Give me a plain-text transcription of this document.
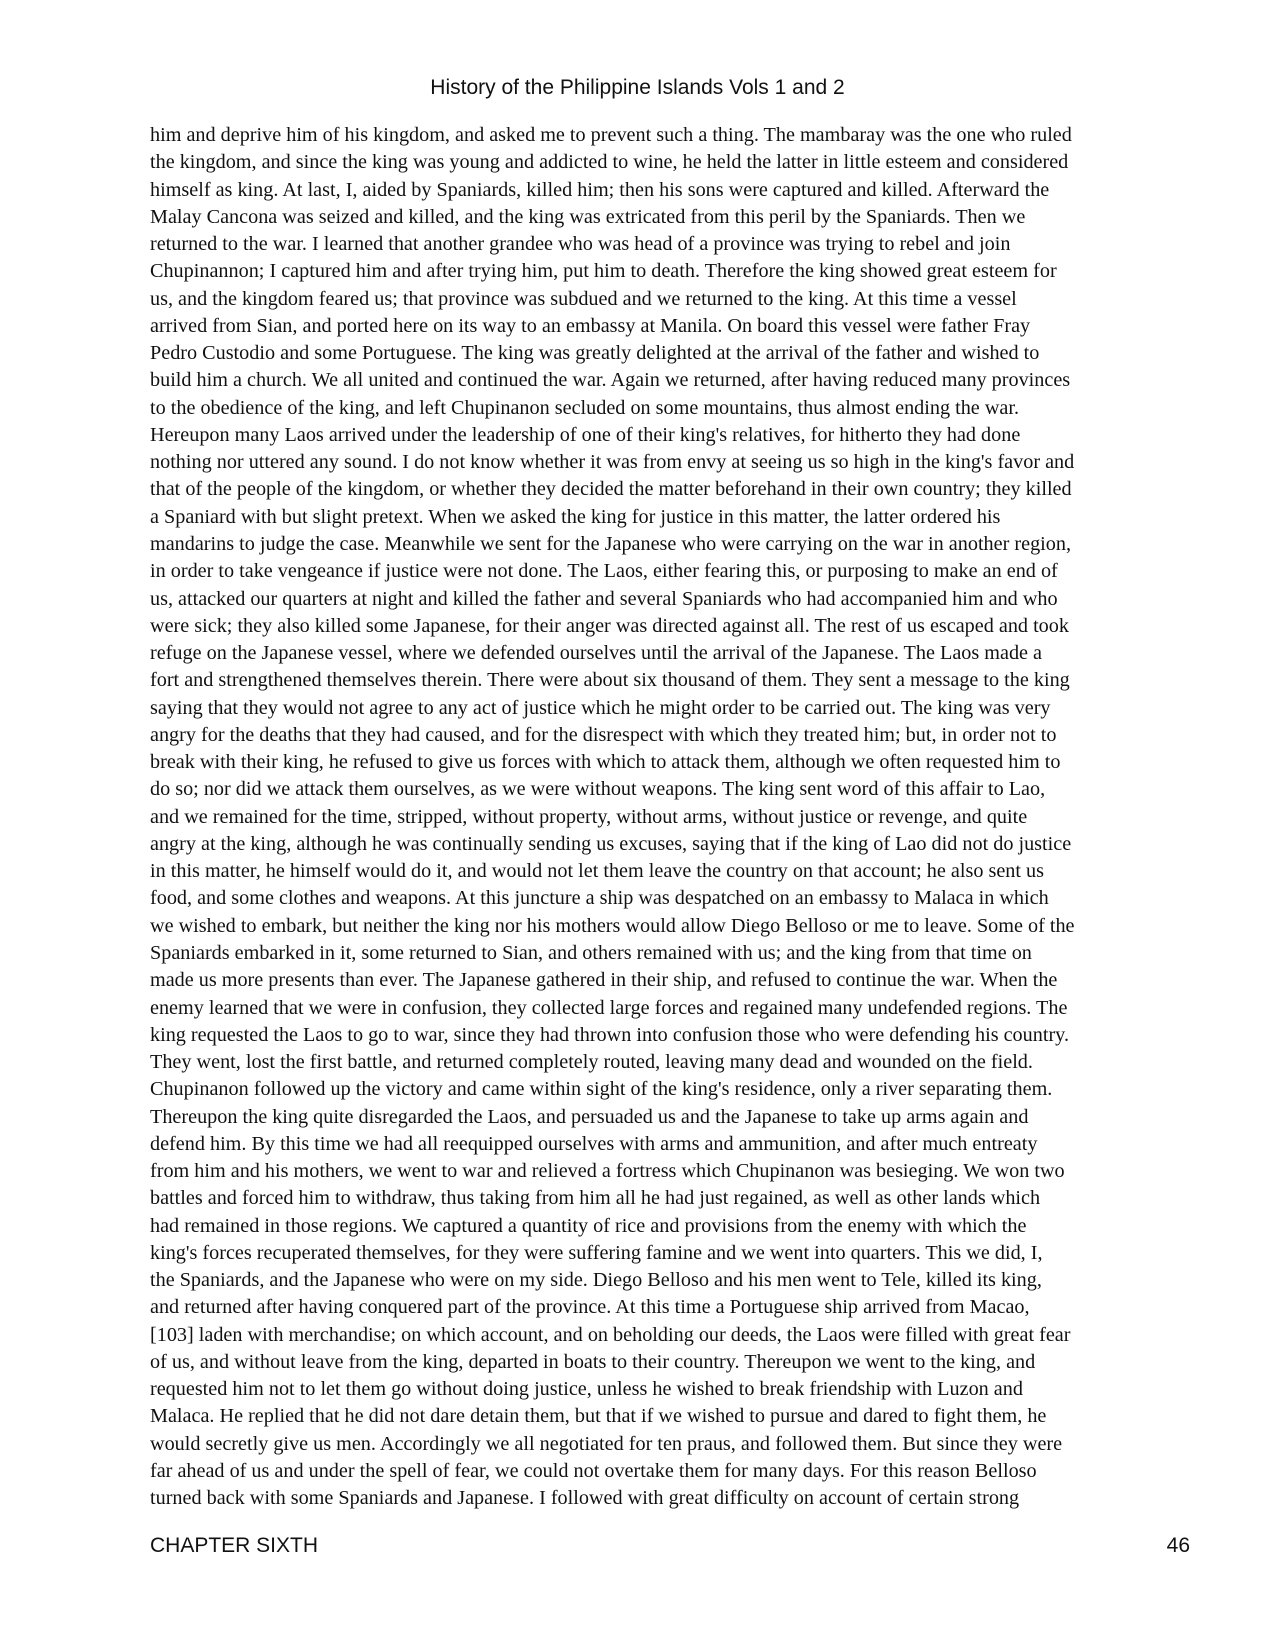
History of the Philippine Islands Vols 1 and 2
him and deprive him of his kingdom, and asked me to prevent such a thing. The mambaray was the one who ruled
the kingdom, and since the king was young and addicted to wine, he held the latter in little esteem and considered
himself as king. At last, I, aided by Spaniards, killed him; then his sons were captured and killed. Afterward the
Malay Cancona was seized and killed, and the king was extricated from this peril by the Spaniards. Then we
returned to the war. I learned that another grandee who was head of a province was trying to rebel and join
Chupinannon; I captured him and after trying him, put him to death. Therefore the king showed great esteem for
us, and the kingdom feared us; that province was subdued and we returned to the king. At this time a vessel
arrived from Sian, and ported here on its way to an embassy at Manila. On board this vessel were father Fray
Pedro Custodio and some Portuguese. The king was greatly delighted at the arrival of the father and wished to
build him a church. We all united and continued the war. Again we returned, after having reduced many provinces
to the obedience of the king, and left Chupinanon secluded on some mountains, thus almost ending the war.
Hereupon many Laos arrived under the leadership of one of their king's relatives, for hitherto they had done
nothing nor uttered any sound. I do not know whether it was from envy at seeing us so high in the king's favor and
that of the people of the kingdom, or whether they decided the matter beforehand in their own country; they killed
a Spaniard with but slight pretext. When we asked the king for justice in this matter, the latter ordered his
mandarins to judge the case. Meanwhile we sent for the Japanese who were carrying on the war in another region,
in order to take vengeance if justice were not done. The Laos, either fearing this, or purposing to make an end of
us, attacked our quarters at night and killed the father and several Spaniards who had accompanied him and who
were sick; they also killed some Japanese, for their anger was directed against all. The rest of us escaped and took
refuge on the Japanese vessel, where we defended ourselves until the arrival of the Japanese. The Laos made a
fort and strengthened themselves therein. There were about six thousand of them. They sent a message to the king
saying that they would not agree to any act of justice which he might order to be carried out. The king was very
angry for the deaths that they had caused, and for the disrespect with which they treated him; but, in order not to
break with their king, he refused to give us forces with which to attack them, although we often requested him to
do so; nor did we attack them ourselves, as we were without weapons. The king sent word of this affair to Lao,
and we remained for the time, stripped, without property, without arms, without justice or revenge, and quite
angry at the king, although he was continually sending us excuses, saying that if the king of Lao did not do justice
in this matter, he himself would do it, and would not let them leave the country on that account; he also sent us
food, and some clothes and weapons. At this juncture a ship was despatched on an embassy to Malaca in which
we wished to embark, but neither the king nor his mothers would allow Diego Belloso or me to leave. Some of the
Spaniards embarked in it, some returned to Sian, and others remained with us; and the king from that time on
made us more presents than ever. The Japanese gathered in their ship, and refused to continue the war. When the
enemy learned that we were in confusion, they collected large forces and regained many undefended regions. The
king requested the Laos to go to war, since they had thrown into confusion those who were defending his country.
They went, lost the first battle, and returned completely routed, leaving many dead and wounded on the field.
Chupinanon followed up the victory and came within sight of the king's residence, only a river separating them.
Thereupon the king quite disregarded the Laos, and persuaded us and the Japanese to take up arms again and
defend him. By this time we had all reequipped ourselves with arms and ammunition, and after much entreaty
from him and his mothers, we went to war and relieved a fortress which Chupinanon was besieging. We won two
battles and forced him to withdraw, thus taking from him all he had just regained, as well as other lands which
had remained in those regions. We captured a quantity of rice and provisions from the enemy with which the
king's forces recuperated themselves, for they were suffering famine and we went into quarters. This we did, I,
the Spaniards, and the Japanese who were on my side. Diego Belloso and his men went to Tele, killed its king,
and returned after having conquered part of the province. At this time a Portuguese ship arrived from Macao,
[103] laden with merchandise; on which account, and on beholding our deeds, the Laos were filled with great fear
of us, and without leave from the king, departed in boats to their country. Thereupon we went to the king, and
requested him not to let them go without doing justice, unless he wished to break friendship with Luzon and
Malaca. He replied that he did not dare detain them, but that if we wished to pursue and dared to fight them, he
would secretly give us men. Accordingly we all negotiated for ten praus, and followed them. But since they were
far ahead of us and under the spell of fear, we could not overtake them for many days. For this reason Belloso
turned back with some Spaniards and Japanese. I followed with great difficulty on account of certain strong
CHAPTER SIXTH	46
